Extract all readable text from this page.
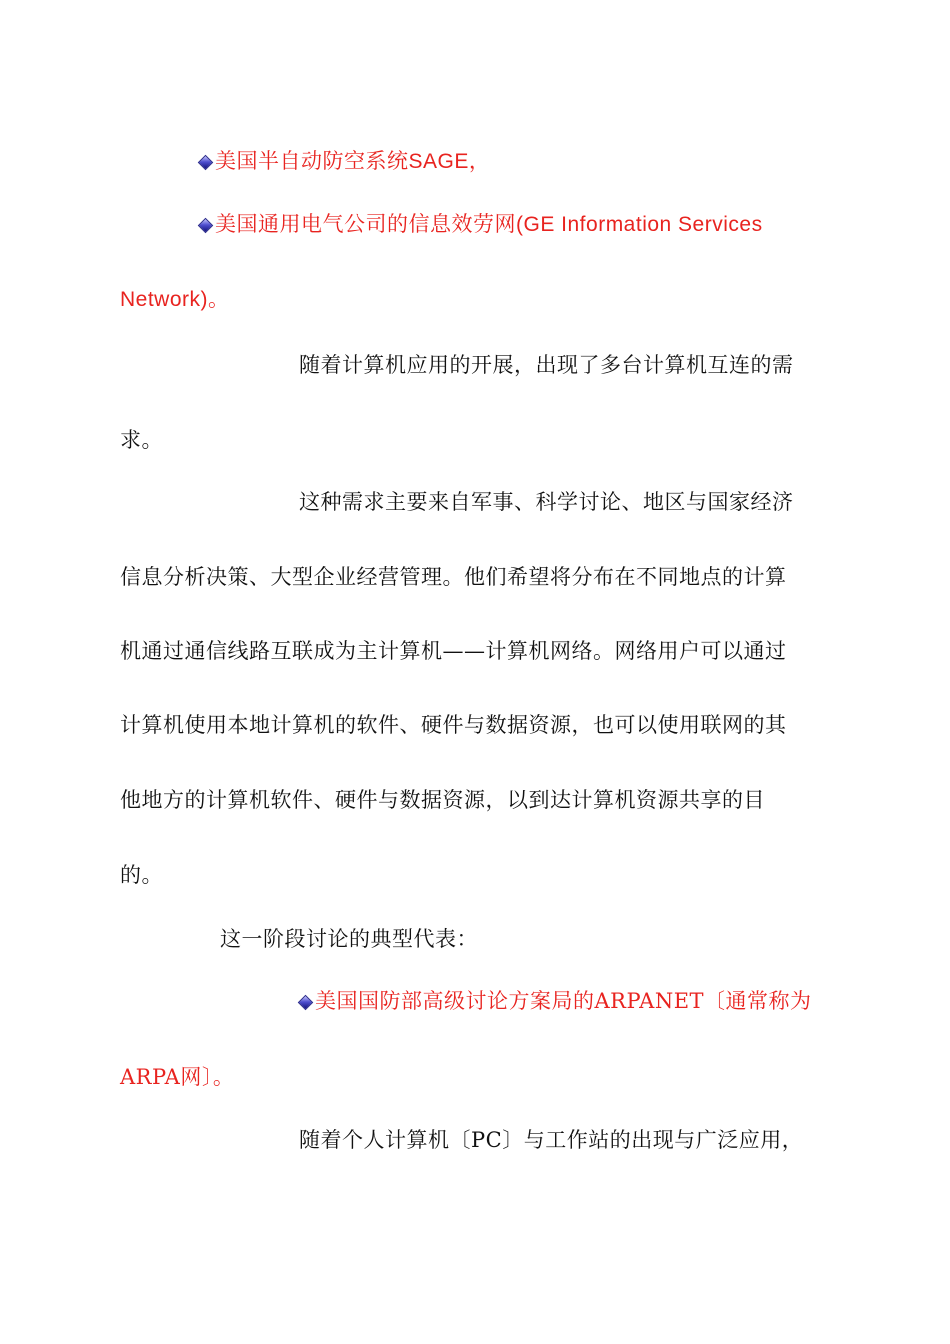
美国半自动防空系统SAGE，
美国通用电气公司的信息效劳网(GE Information Services
Network)。
随着计算机应用的开展，出现了多台计算机互连的需
求。
这种需求主要来自军事、科学讨论、地区与国家经济
信息分析决策、大型企业经营管理。他们希望将分布在不同地点的计算
机通过通信线路互联成为主计算机——计算机网络。网络用户可以通过
计算机使用本地计算机的软件、硬件与数据资源，也可以使用联网的其
他地方的计算机软件、硬件与数据资源，以到达计算机资源共享的目
的。
这一阶段讨论的典型代表：
美国国防部高级讨论方案局的ARPANET〔通常称为
ARPA网〕。
随着个人计算机〔PC〕与工作站的出现与广泛应用，
